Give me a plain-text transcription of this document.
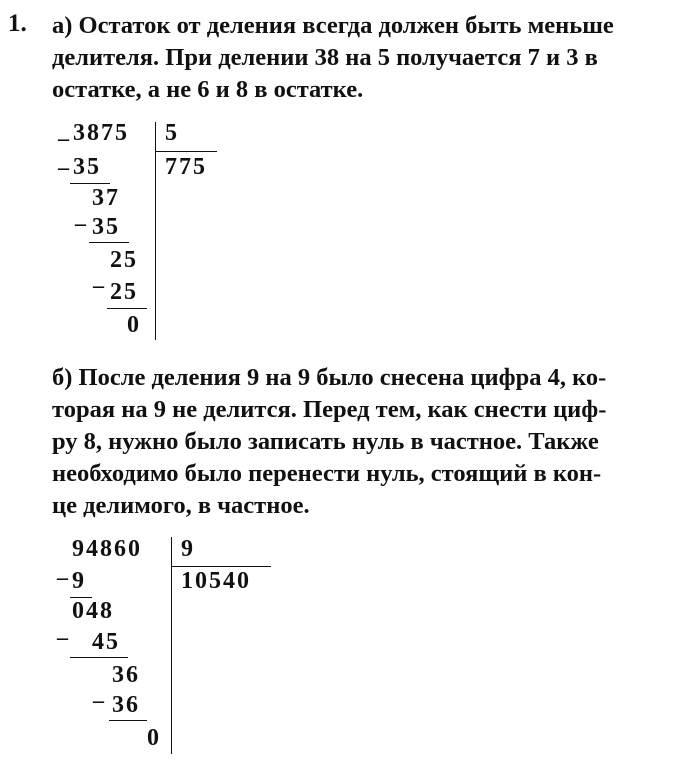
1. а) Остаток от деления всегда должен быть меньше
делителя. При делении 38 на 5 получается 7 и 3 в
остатке, а не 6 и 8 в остатке.
_ 3875 5
775
_ 35
37
_ 35
25
_
25
0
б) После деления 9 на 9 было снесена цифра 4, ко-
торая на 9 не делится. Перед тем, как снести циф-
ру 8, нужно было записать нуль в частное. Также
необходимо было перенести нуль, стоящий в кон-
це делимого, в частное.
94860 9
10540
_ 9
048
_ 45
36
_ 36
0
